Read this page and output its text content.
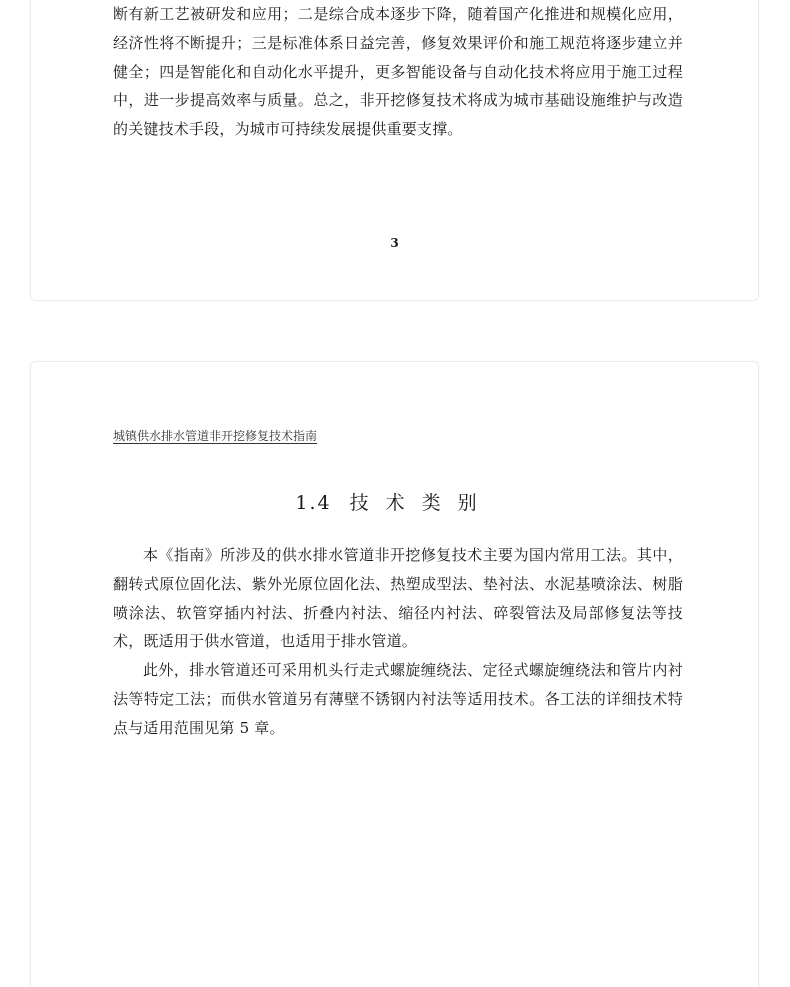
断有新工艺被研发和应用；二是综合成本逐步下降，随着国产化推进和规模化应用，经济性将不断提升；三是标准体系日益完善，修复效果评价和施工规范将逐步建立并健全；四是智能化和自动化水平提升，更多智能设备与自动化技术将应用于施工过程中，进一步提高效率与质量。总之，非开挖修复技术将成为城市基础设施维护与改造的关键技术手段，为城市可持续发展提供重要支撑。

3
城镇供水排水管道非开挖修复技术指南
1.4 技术类别

本《指南》所涉及的供水排水管道非开挖修复技术主要为国内常用工法。其中，翻转式原位固化法、紫外光原位固化法、热塑成型法、垫衬法、水泥基喷涂法、树脂喷涂法、软管穿插内衬法、折叠内衬法、缩径内衬法、碎裂管法及局部修复法等技术，既适用于供水管道，也适用于排水管道。

此外，排水管道还可采用机头行走式螺旋缠绕法、定径式螺旋缠绕法和管片内衬法等特定工法；而供水管道另有薄壁不锈钢内衬法等适用技术。各工法的详细技术特点与适用范围见第 5 章。
